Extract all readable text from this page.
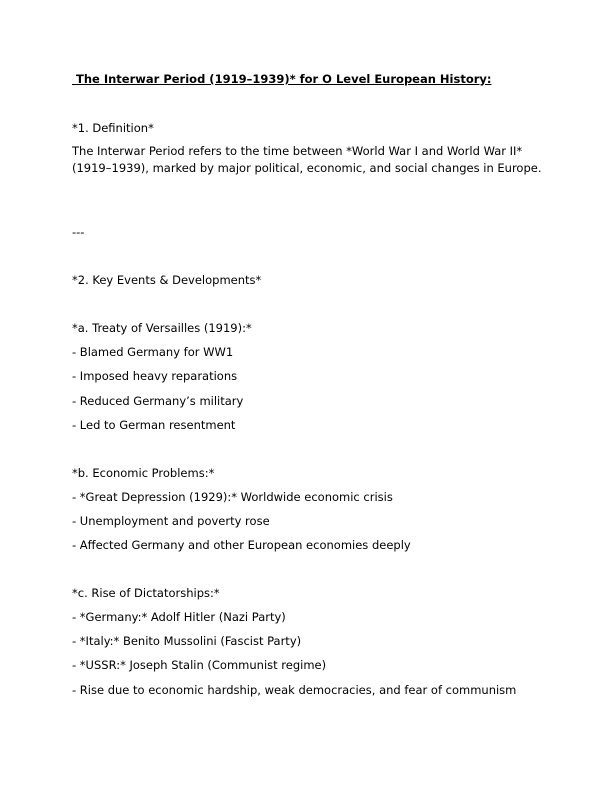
The Interwar Period (1919–1939)* for O Level European History:
*1. Definition*
The Interwar Period refers to the time between *World War I and World War II* (1919–1939), marked by major political, economic, and social changes in Europe.
---
*2. Key Events & Developments*
*a. Treaty of Versailles (1919):*
- Blamed Germany for WW1
- Imposed heavy reparations
- Reduced Germany’s military
- Led to German resentment
*b. Economic Problems:*
- *Great Depression (1929):* Worldwide economic crisis
- Unemployment and poverty rose
- Affected Germany and other European economies deeply
*c. Rise of Dictatorships:*
- *Germany:* Adolf Hitler (Nazi Party)
- *Italy:* Benito Mussolini (Fascist Party)
- *USSR:* Joseph Stalin (Communist regime)
- Rise due to economic hardship, weak democracies, and fear of communism
